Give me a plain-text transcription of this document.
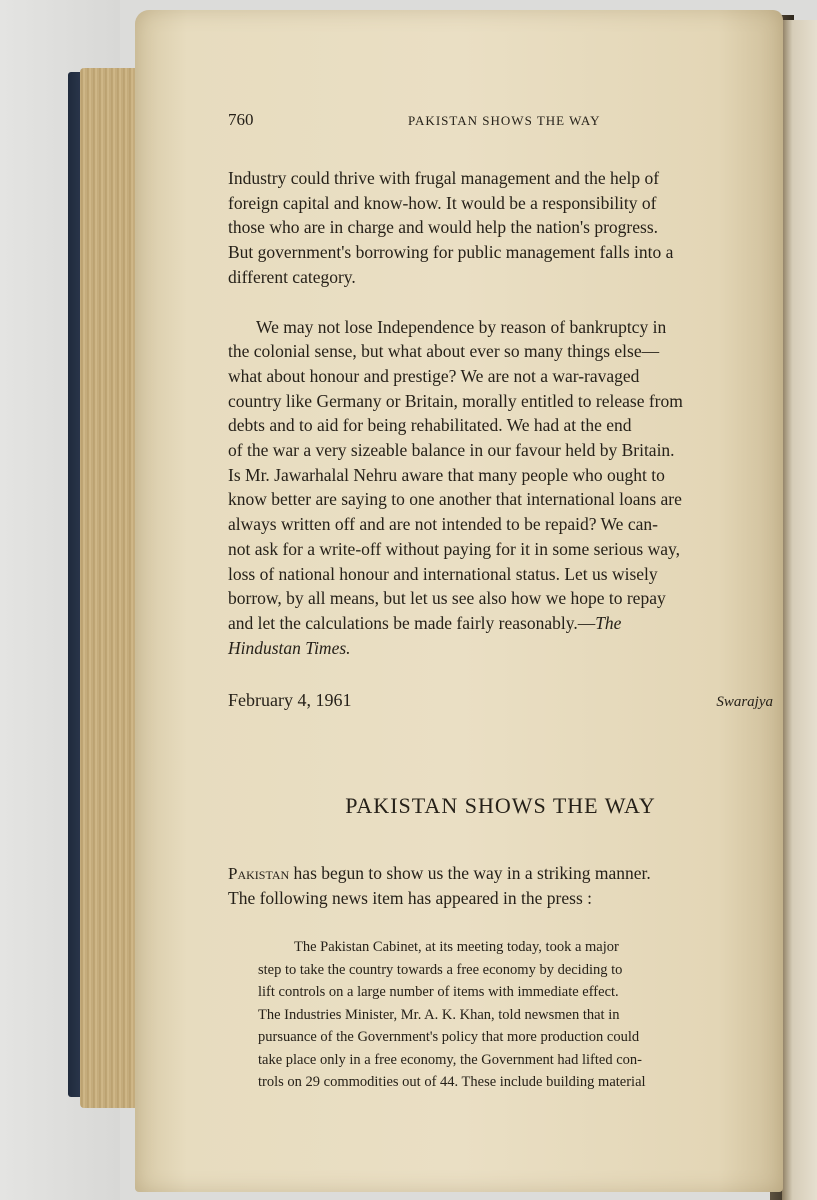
760	PAKISTAN SHOWS THE WAY

Industry could thrive with frugal management and the help of
foreign capital and know-how. It would be a responsibility of
those who are in charge and would help the nation's progress.
But government's borrowing for public management falls into a
different category.

We may not lose Independence by reason of bankruptcy in
the colonial sense, but what about ever so many things else—
what about honour and prestige? We are not a war-ravaged
country like Germany or Britain, morally entitled to release from
debts and to aid for being rehabilitated. We had at the end
of the war a very sizeable balance in our favour held by Britain.
Is Mr. Jawarhalal Nehru aware that many people who ought to
know better are saying to one another that international loans are
always written off and are not intended to be repaid? We can-
not ask for a write-off without paying for it in some serious way,
loss of national honour and international status. Let us wisely
borrow, by all means, but let us see also how we hope to repay
and let the calculations be made fairly reasonably.—The
Hindustan Times.

February 4, 1961	Swarajya
PAKISTAN SHOWS THE WAY

Pakistan has begun to show us the way in a striking manner.
The following news item has appeared in the press :

The Pakistan Cabinet, at its meeting today, took a major
step to take the country towards a free economy by deciding to
lift controls on a large number of items with immediate effect.
The Industries Minister, Mr. A. K. Khan, told newsmen that in
pursuance of the Government's policy that more production could
take place only in a free economy, the Government had lifted con-
trols on 29 commodities out of 44. These include building material
